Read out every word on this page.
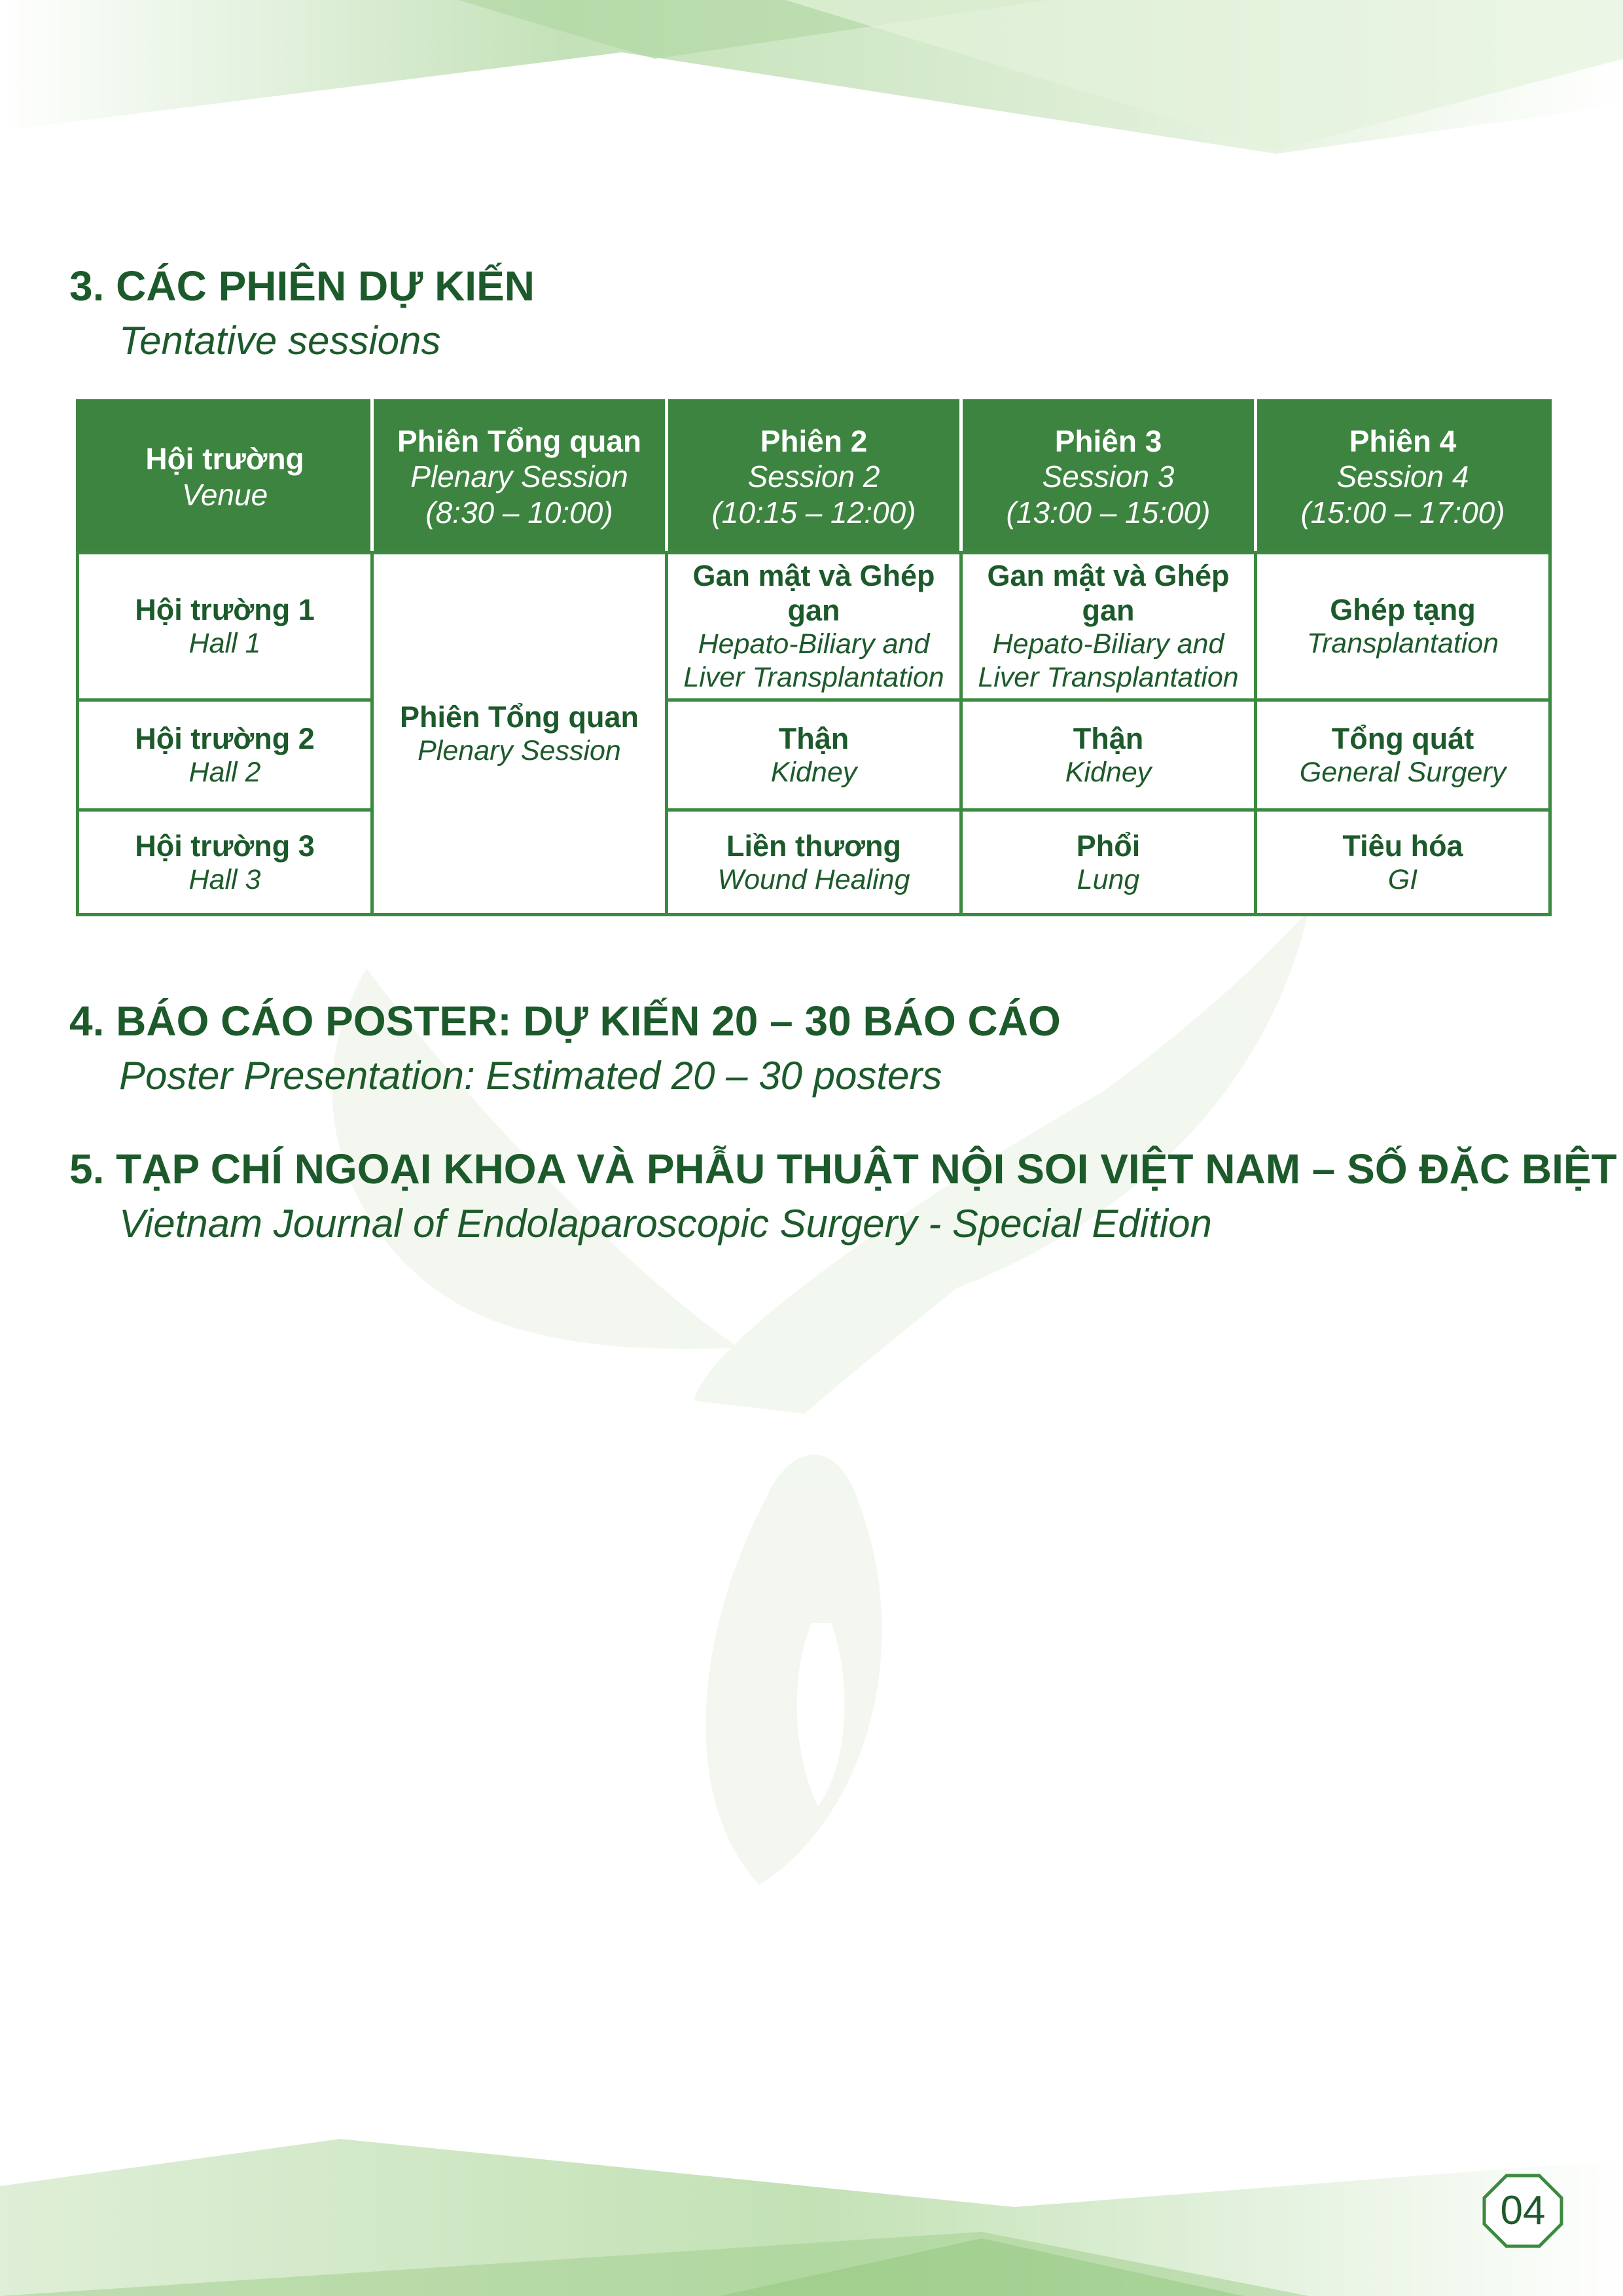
3. CÁC PHIÊN DỰ KIẾN
Tentative sessions
Hội trường
Venue	Phiên Tổng quan
Plenary Session
(8:30 – 10:00)	Phiên 2
Session 2
(10:15 – 12:00)	Phiên 3
Session 3
(13:00 – 15:00)	Phiên 4
Session 4
(15:00 – 17:00)

Hội trường 1
Hall 1	Phiên Tổng quan
Plenary Session	Gan mật và Ghép gan
Hepato-Biliary and
Liver Transplantation	Gan mật và Ghép gan
Hepato-Biliary and
Liver Transplantation	Ghép tạng
Transplantation

Hội trường 2
Hall 2		Thận
Kidney	Thận
Kidney	Tổng quát
General Surgery

Hội trường 3
Hall 3		Liền thương
Wound Healing	Phổi
Lung	Tiêu hóa
GI
4. BÁO CÁO POSTER: DỰ KIẾN 20 – 30 BÁO CÁO
Poster Presentation: Estimated 20 – 30 posters
5. TẠP CHÍ NGOẠI KHOA VÀ PHẪU THUẬT NỘI SOI VIỆT NAM – SỐ ĐẶC BIỆT
Vietnam Journal of Endolaparoscopic Surgery - Special Edition
04
